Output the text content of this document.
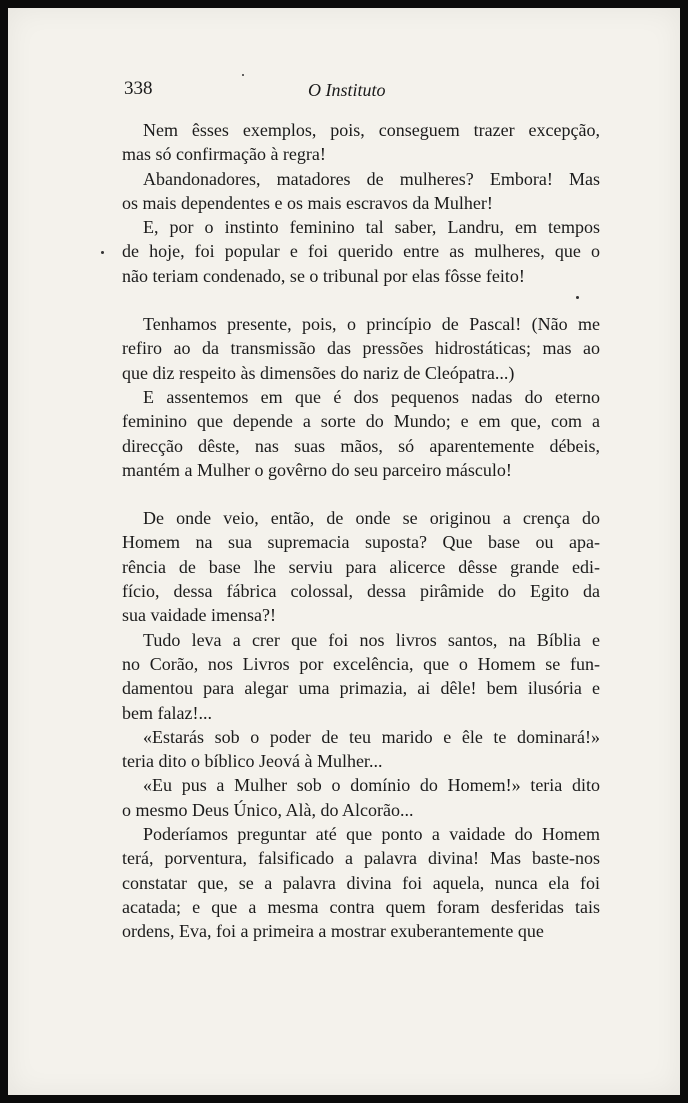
338	O Instituto
Nem êsses exemplos, pois, conseguem trazer excepção,
mas só confirmação à regra!
Abandonadores, matadores de mulheres? Embora! Mas
os mais dependentes e os mais escravos da Mulher!
E, por o instinto feminino tal saber, Landru, em tempos
de hoje, foi popular e foi querido entre as mulheres, que o
não teriam condenado, se o tribunal por elas fôsse feito!
Tenhamos presente, pois, o princípio de Pascal! (Não me
refiro ao da transmissão das pressões hidrostáticas; mas ao
que diz respeito às dimensões do nariz de Cleópatra...)
E assentemos em que é dos pequenos nadas do eterno
feminino que depende a sorte do Mundo; e em que, com a
direcção dêste, nas suas mãos, só aparentemente débeis,
mantém a Mulher o govêrno do seu parceiro másculo!
De onde veio, então, de onde se originou a crença do
Homem na sua supremacia suposta? Que base ou apa-
rência de base lhe serviu para alicerce dêsse grande edi-
fício, dessa fábrica colossal, dessa pirâmide do Egito da
sua vaidade imensa?!
Tudo leva a crer que foi nos livros santos, na Bíblia e
no Corão, nos Livros por excelência, que o Homem se fun-
damentou para alegar uma primazia, ai dêle! bem ilusória e
bem falaz!...
«Estarás sob o poder de teu marido e êle te dominará!»
teria dito o bíblico Jeová à Mulher...
«Eu pus a Mulher sob o domínio do Homem!» teria dito
o mesmo Deus Único, Alà, do Alcorão...
Poderíamos preguntar até que ponto a vaidade do Homem
terá, porventura, falsificado a palavra divina! Mas baste-nos
constatar que, se a palavra divina foi aquela, nunca ela foi
acatada; e que a mesma contra quem foram desferidas tais
ordens, Eva, foi a primeira a mostrar exuberantemente que
